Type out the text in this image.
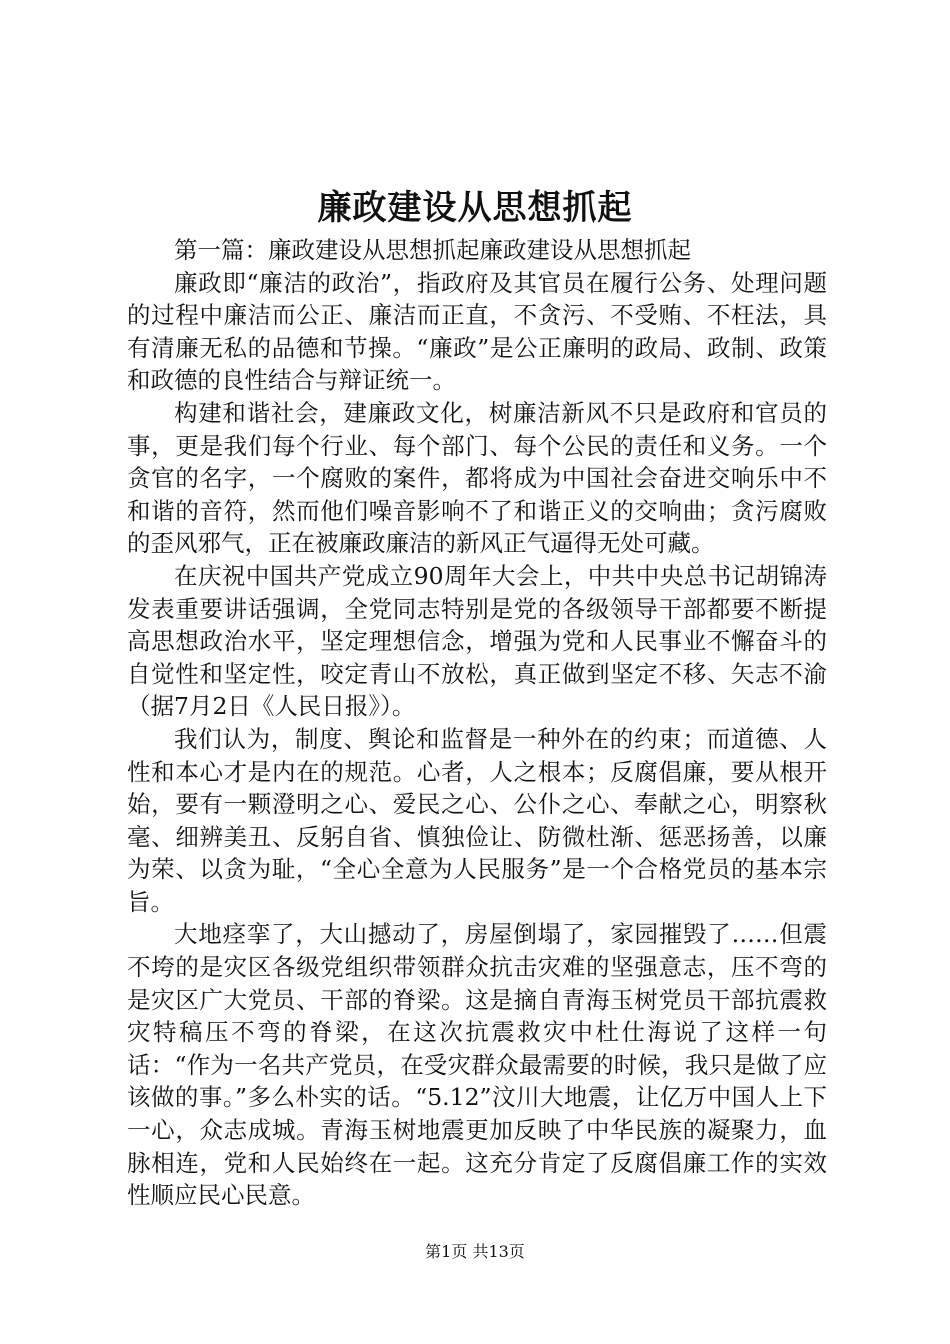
廉政建设从思想抓起

第一篇：廉政建设从思想抓起廉政建设从思想抓起

廉政即“廉洁的政治”，指政府及其官员在履行公务、处理问题的过程中廉洁而公正、廉洁而正直，不贪污、不受贿、不枉法，具有清廉无私的品德和节操。“廉政”是公正廉明的政局、政制、政策和政德的良性结合与辩证统一。

构建和谐社会，建廉政文化，树廉洁新风不只是政府和官员的事，更是我们每个行业、每个部门、每个公民的责任和义务。一个贪官的名字，一个腐败的案件，都将成为中国社会奋进交响乐中不和谐的音符，然而他们噪音影响不了和谐正义的交响曲；贪污腐败的歪风邪气，正在被廉政廉洁的新风正气逼得无处可藏。

在庆祝中国共产党成立90周年大会上，中共中央总书记胡锦涛发表重要讲话强调，全党同志特别是党的各级领导干部都要不断提高思想政治水平，坚定理想信念，增强为党和人民事业不懈奋斗的自觉性和坚定性，咬定青山不放松，真正做到坚定不移、矢志不渝（据7月2日《人民日报》）。

我们认为，制度、舆论和监督是一种外在的约束；而道德、人性和本心才是内在的规范。心者，人之根本；反腐倡廉，要从根开始，要有一颗澄明之心、爱民之心、公仆之心、奉献之心，明察秋毫、细辨美丑、反躬自省、慎独俭让、防微杜渐、惩恶扬善，以廉为荣、以贪为耻，“全心全意为人民服务”是一个合格党员的基本宗旨。

大地痉挛了，大山撼动了，房屋倒塌了，家园摧毁了……但震不垮的是灾区各级党组织带领群众抗击灾难的坚强意志，压不弯的是灾区广大党员、干部的脊梁。这是摘自青海玉树党员干部抗震救灾特稿压不弯的脊梁，在这次抗震救灾中杜仕海说了这样一句话：“作为一名共产党员，在受灾群众最需要的时候，我只是做了应该做的事。”多么朴实的话。“5.12”汶川大地震，让亿万中国人上下一心，众志成城。青海玉树地震更加反映了中华民族的凝聚力，血脉相连，党和人民始终在一起。这充分肯定了反腐倡廉工作的实效性顺应民心民意。

第1页 共13页
